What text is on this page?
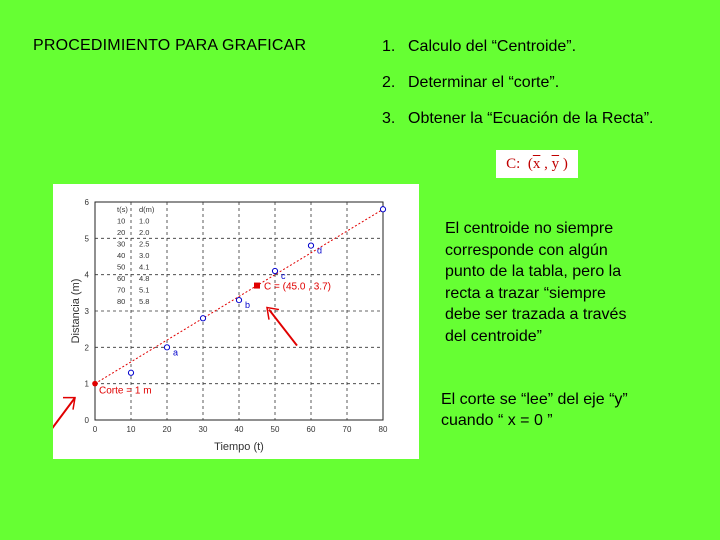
PROCEDIMIENTO PARA GRAFICAR	1. Calculo del “Centroide”.
2. Determinar el “corte”.
3. Obtener la “Ecuación de la Recta”.
C:
( $\overline{x}$
,
$\overline{y}$
)
El centroide no siempre corresponde con algún punto de la tabla, pero la recta a trazar “siempre debe ser trazada a través del centroide”
El corte se “lee” del eje “y” cuando “ x = 0 ”
0	10	20	30	40	50	60	70	80
0
1
2
3
4
5
6
Tiempo (t)
Distancia (m)
t(s) d(m)
10 1.0
20 2.0
30 2.5
40 3.0
50 4.1
60 4.8
70 5.1
80 5.8
a
b
c
d
C = (45.0 , 3.7)
Corte = 1 m
